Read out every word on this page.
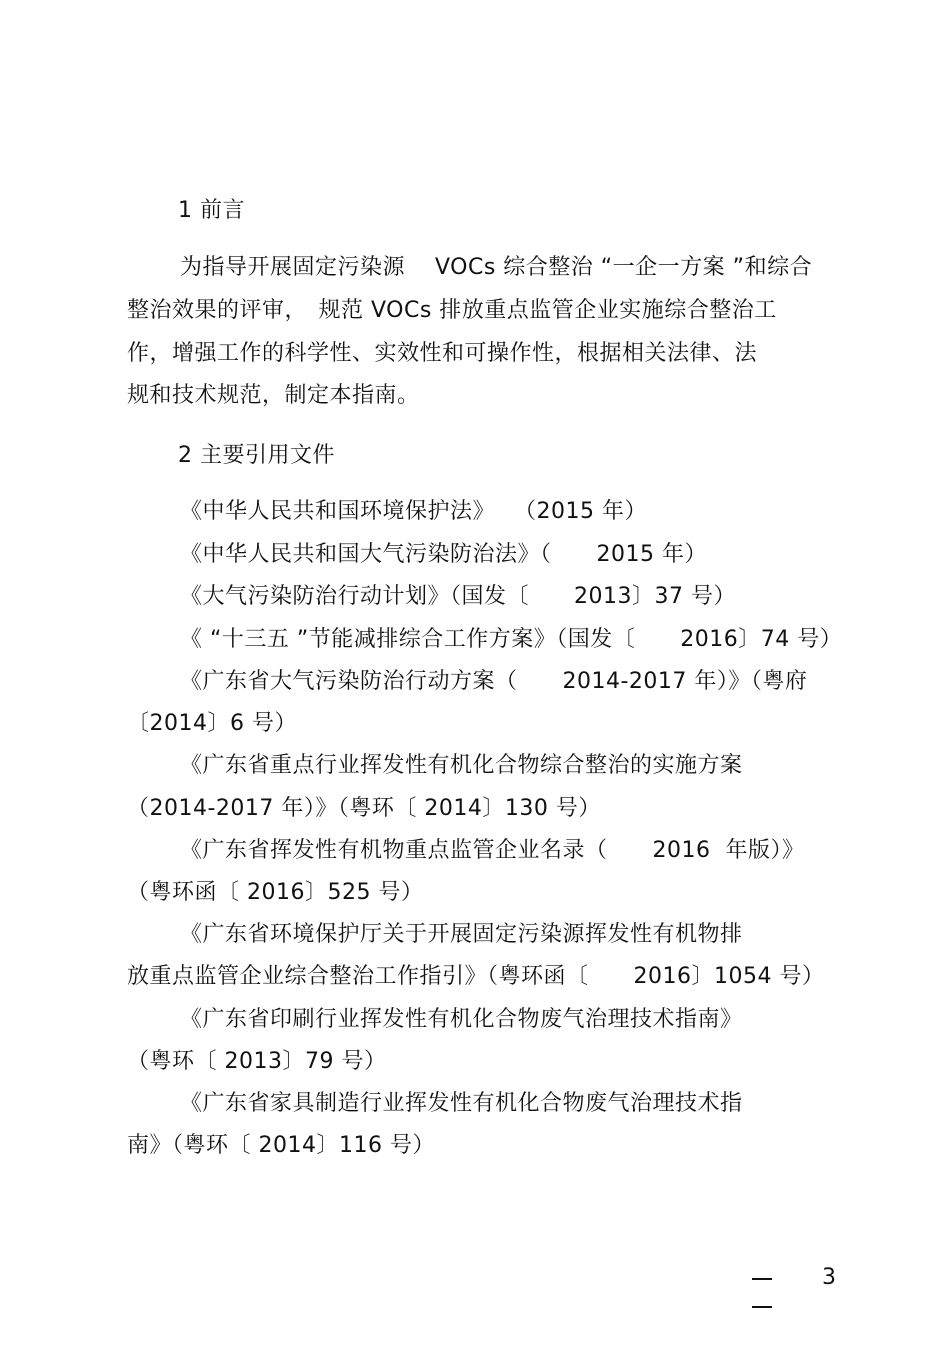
1 前言
为指导开展固定污染源　 VOCs 综合整治 “一企一方案 ”和综合
整治效果的评审，　规范 VOCs 排放重点监管企业实施综合整治工
作，增强工作的科学性、实效性和可操作性，根据相关法律、法
规和技术规范，制定本指南。
2 主要引用文件
《中华人民共和国环境保护法》　 （2015 年）
《中华人民共和国大气污染防治法》（　　2015 年）
《大气污染防治行动计划》（国发〔　　2013〕37 号）
《 “十三五 ”节能减排综合工作方案》（国发〔　　2016〕74 号）
《广东省大气污染防治行动方案（　　2014-2017 年）》（粤府
〔2014〕6 号）
《广东省重点行业挥发性有机化合物综合整治的实施方案
（2014-2017 年）》（粤环〔 2014〕130 号）
《广东省挥发性有机物重点监管企业名录（　　2016  年版）》
（粤环函〔 2016〕525 号）
《广东省环境保护厅关于开展固定污染源挥发性有机物排
放重点监管企业综合整治工作指引》（粤环函〔　　2016〕1054 号）
《广东省印刷行业挥发性有机化合物废气治理技术指南》
（粤环〔 2013〕79 号）
《广东省家具制造行业挥发性有机化合物废气治理技术指
南》（粤环〔 2014〕116 号）
3
